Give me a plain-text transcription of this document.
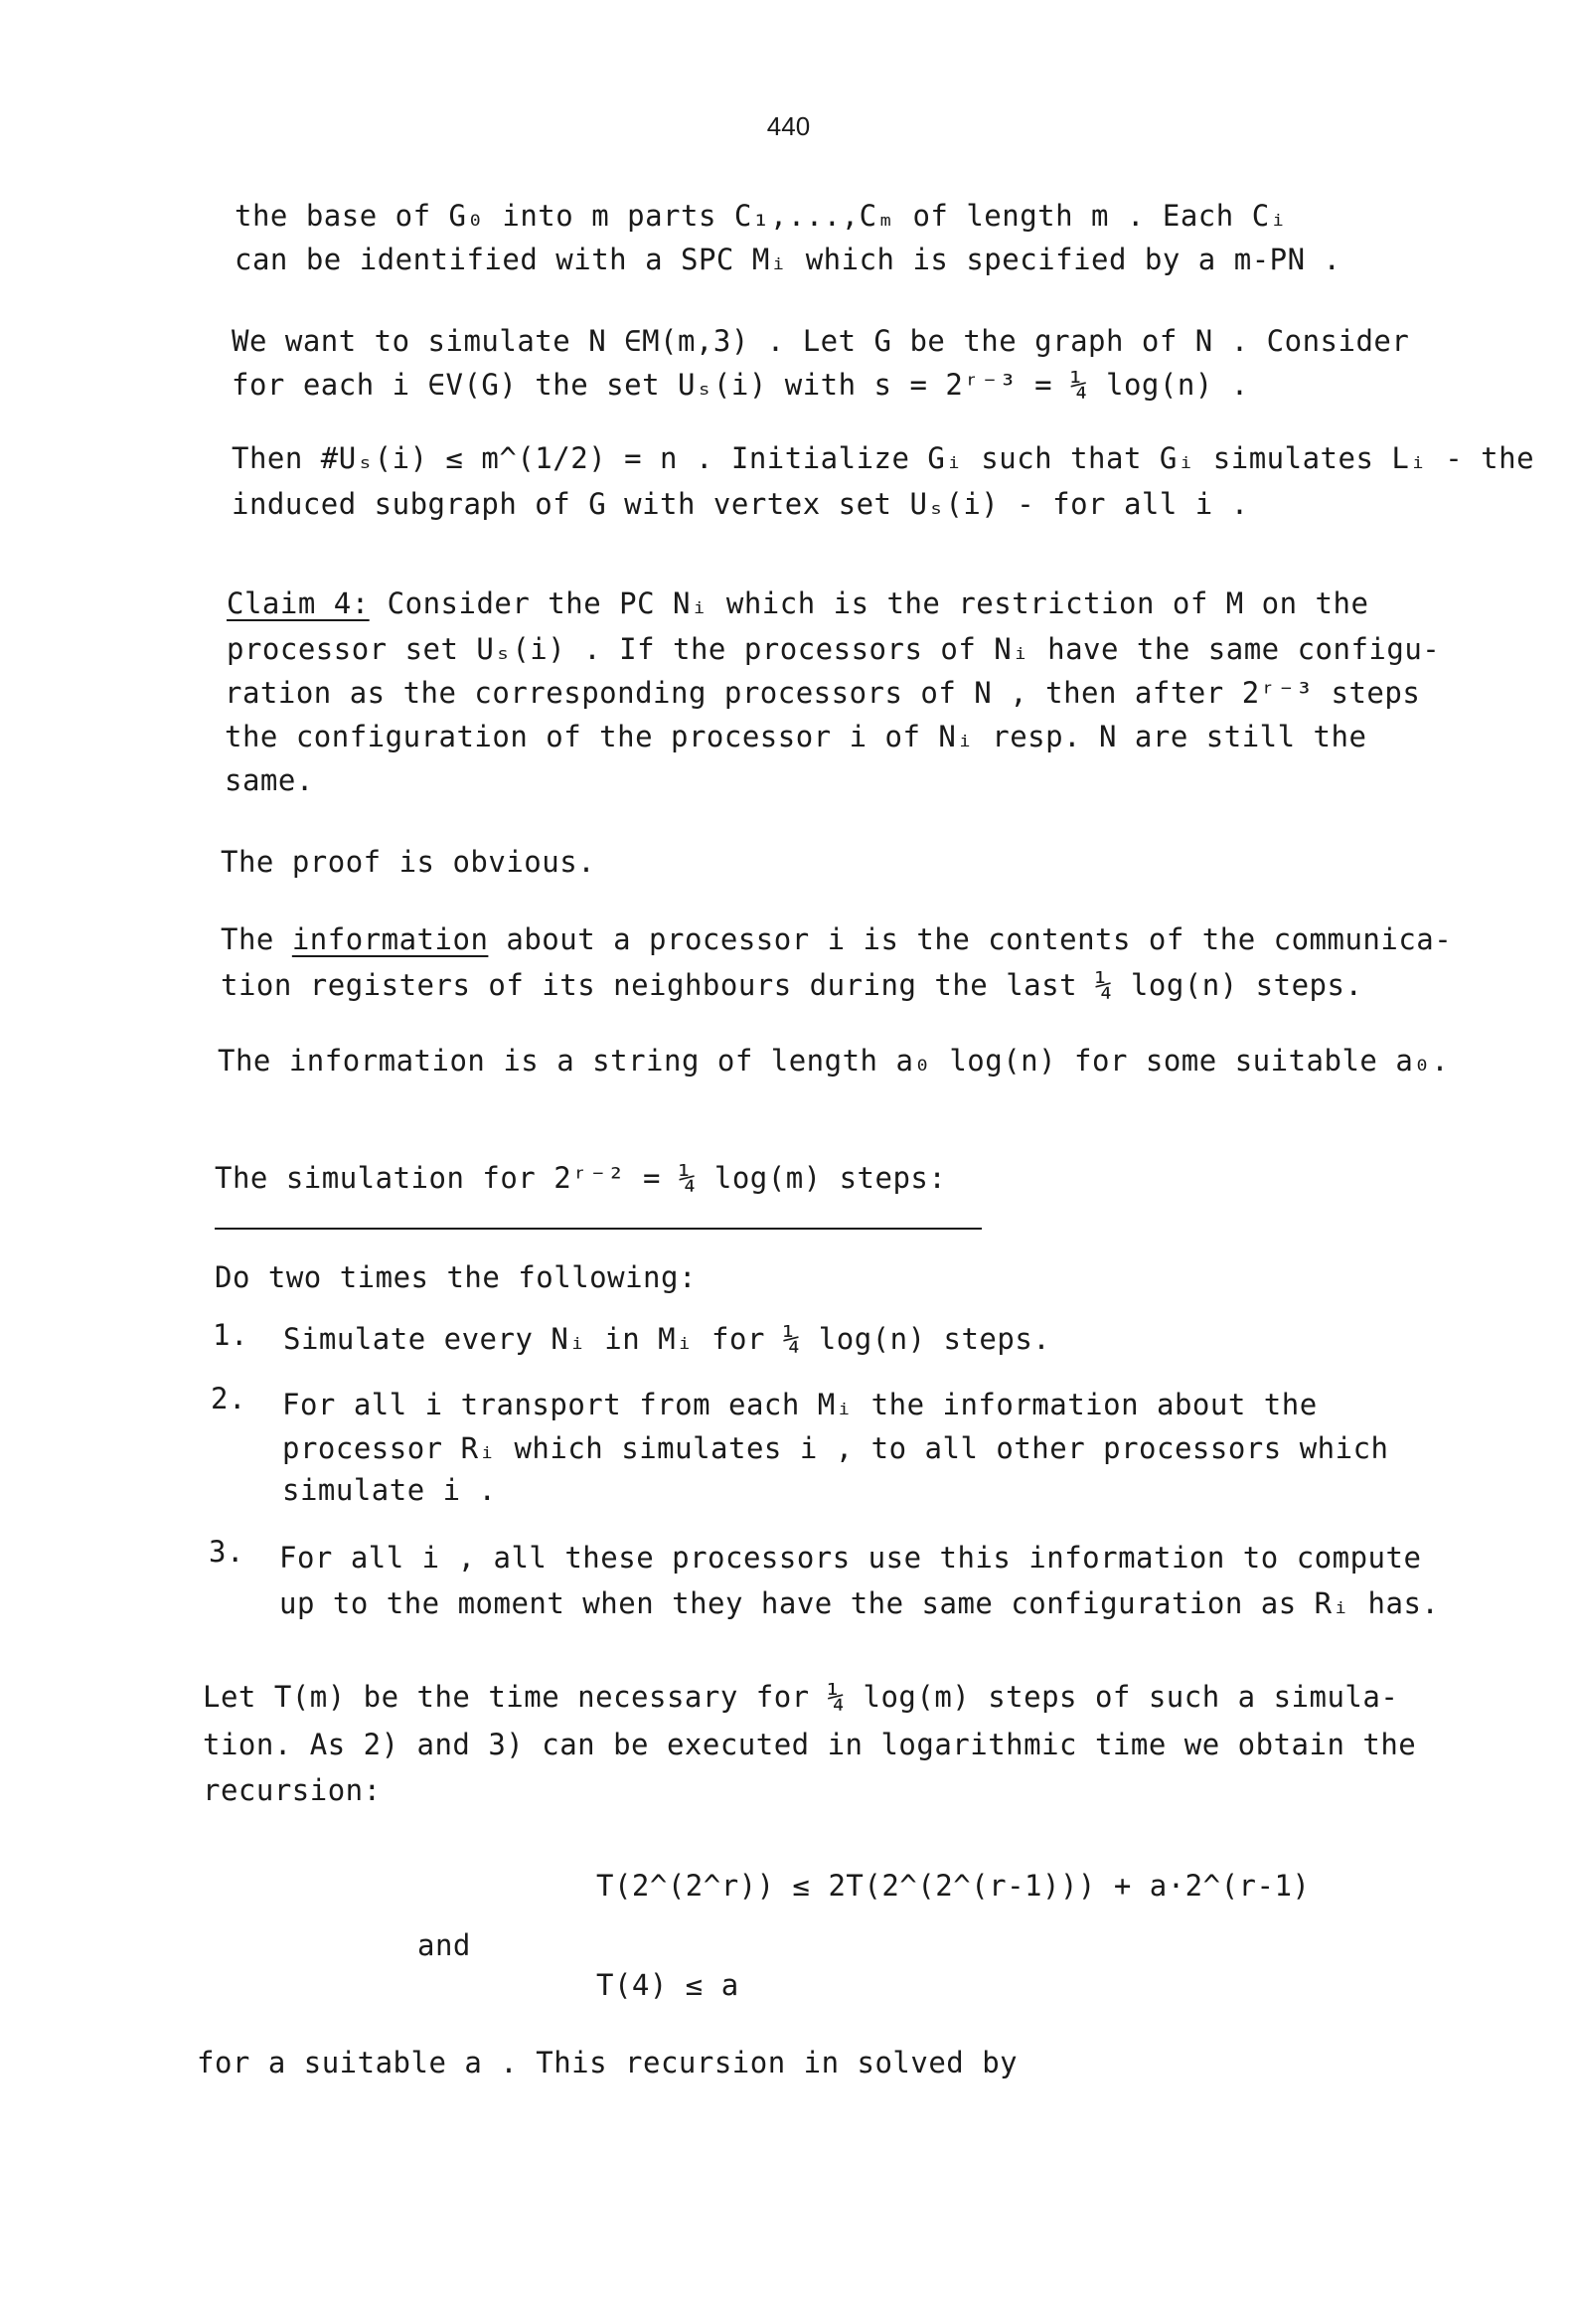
440
the base of G₀ into m parts C₁,...,Cₘ of length m . Each Cᵢ
can be identified with a SPC Mᵢ which is specified by a m-PN .
We want to simulate N ∈M(m,3) . Let G be the graph of N . Consider
for each i ∈V(G) the set Uₛ(i) with s = 2ʳ⁻³ = ¼ log(n) .
Then #Uₛ(i) ≤ m^(1/2) = n . Initialize Gᵢ such that Gᵢ simulates Lᵢ - the
induced subgraph of G with vertex set Uₛ(i) - for all i .
Claim 4: Consider the PC Nᵢ which is the restriction of M on the
processor set Uₛ(i) . If the processors of Nᵢ have the same configu-
ration as the corresponding processors of N , then after 2ʳ⁻³ steps
the configuration of the processor i of Nᵢ resp. N are still the
same.
The proof is obvious.
The information about a processor i is the contents of the communica-
tion registers of its neighbours during the last ¼ log(n) steps.
The information is a string of length a₀ log(n) for some suitable a₀.
The simulation for 2ʳ⁻² = ¼ log(m) steps:
Do two times the following:
1. Simulate every Nᵢ in Mᵢ for ¼ log(n) steps.
2. For all i transport from each Mᵢ the information about the
processor Rᵢ which simulates i , to all other processors which
simulate i .
3. For all i , all these processors use this information to compute
up to the moment when they have the same configuration as Rᵢ has.
Let T(m) be the time necessary for ¼ log(m) steps of such a simula-
tion. As 2) and 3) can be executed in logarithmic time we obtain the
recursion:
T(2^(2^r)) ≤ 2T(2^(2^(r-1))) + a·2^(r-1)
and
T(4) ≤ a
for a suitable a . This recursion in solved by
